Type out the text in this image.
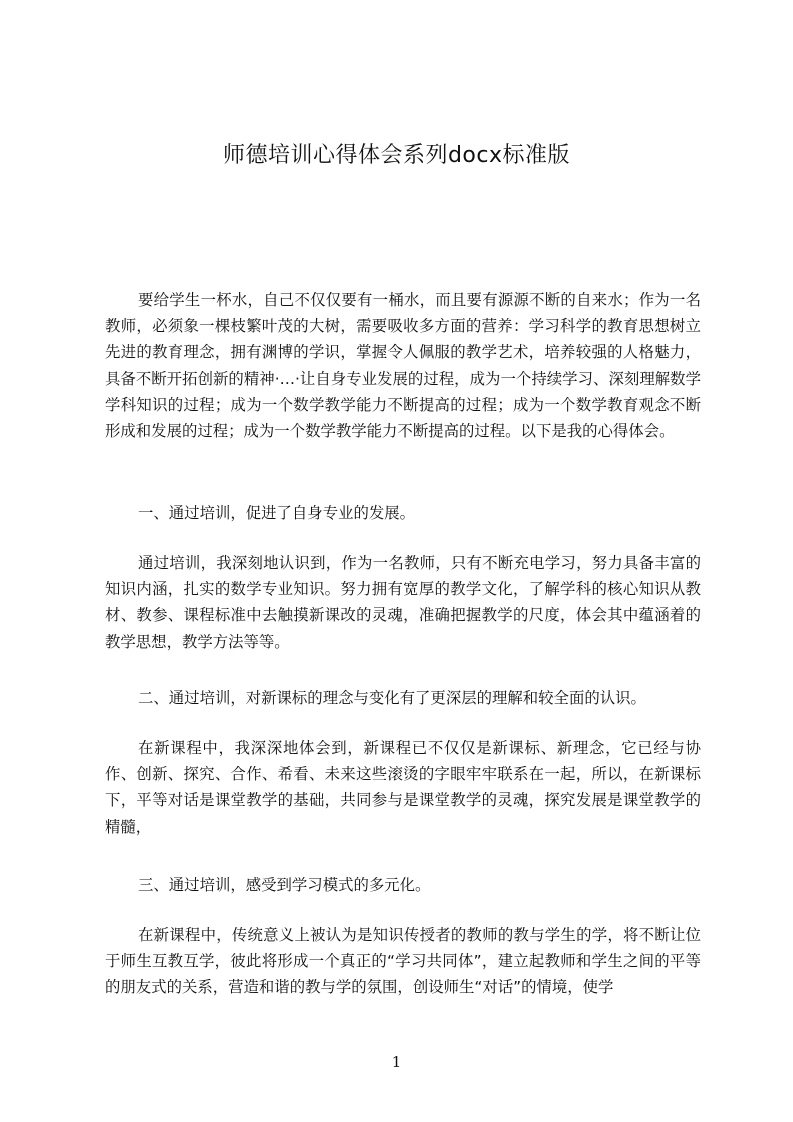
师德培训心得体会系列docx标准版

要给学生一杯水，自己不仅仅要有一桶水，而且要有源源不断的自来水；作为一名教师，必须象一棵枝繁叶茂的大树，需要吸收多方面的营养：学习科学的教育思想树立先进的教育理念，拥有渊博的学识，掌握令人佩服的教学艺术，培养较强的人格魅力，具备不断开拓创新的精神·…·让自身专业发展的过程，成为一个持续学习、深刻理解数学学科知识的过程；成为一个数学教学能力不断提高的过程；成为一个数学教育观念不断形成和发展的过程；成为一个数学教学能力不断提高的过程。以下是我的心得体会。

一、通过培训，促进了自身专业的发展。

通过培训，我深刻地认识到，作为一名教师，只有不断充电学习，努力具备丰富的知识内涵，扎实的数学专业知识。努力拥有宽厚的教学文化，了解学科的核心知识从教材、教参、课程标准中去触摸新课改的灵魂，准确把握教学的尺度，体会其中蕴涵着的教学思想，教学方法等等。

二、通过培训，对新课标的理念与变化有了更深层的理解和较全面的认识。

在新课程中，我深深地体会到，新课程已不仅仅是新课标、新理念，它已经与协作、创新、探究、合作、希看、未来这些滚烫的字眼牢牢联系在一起，所以，在新课标下，平等对话是课堂教学的基础，共同参与是课堂教学的灵魂，探究发展是课堂教学的精髓，

三、通过培训，感受到学习模式的多元化。

在新课程中，传统意义上被认为是知识传授者的教师的教与学生的学，将不断让位于师生互教互学，彼此将形成一个真正的“学习共同体”，建立起教师和学生之间的平等的朋友式的关系，营造和谐的教与学的氛围，创设师生“对话”的情境，使学

1
